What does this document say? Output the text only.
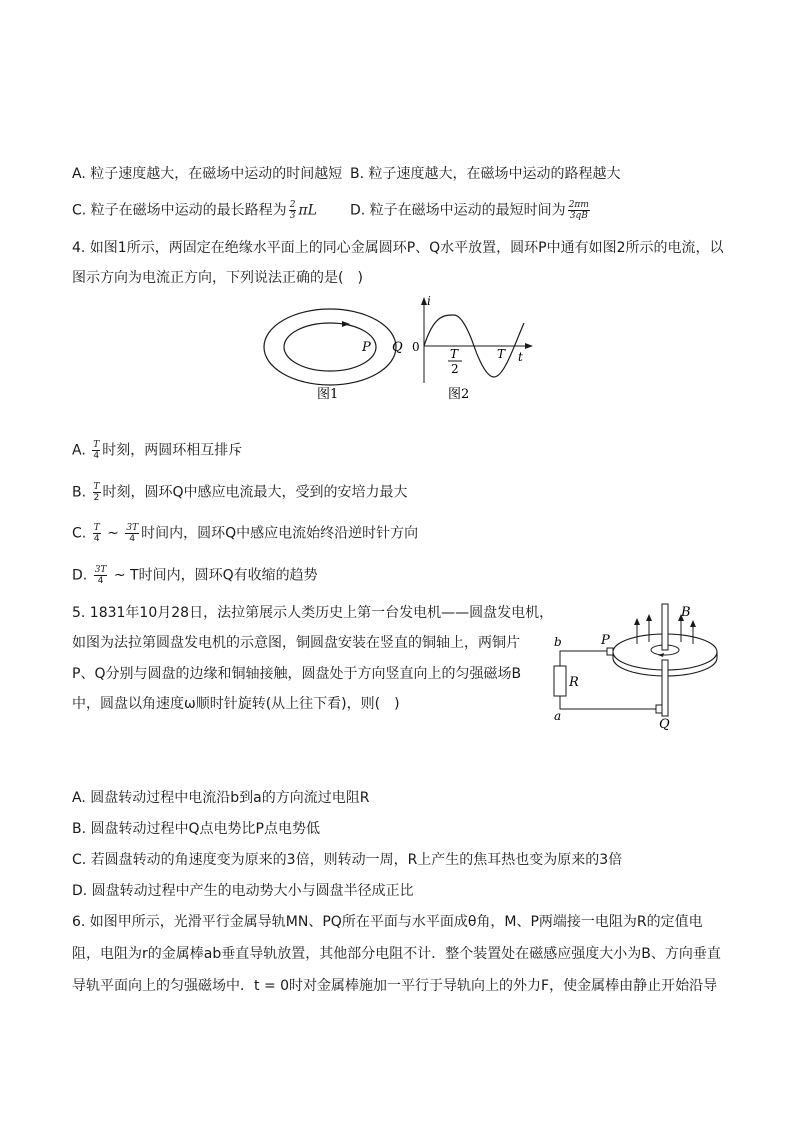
A. 粒子速度越大，在磁场中运动的时间越短 B. 粒子速度越大，在磁场中运动的路程越大
C. 粒子在磁场中运动的最长路程为 $\frac{2}{3}$ πL D. 粒子在磁场中运动的最短时间为 $\frac{2\pi m}{3qB}$
4. 如图1所示，两固定在绝缘水平面上的同心金属圆环P、Q水平放置，圆环P中通有如图2所示的电流，以
图示方向为电流正方向，下列说法正确的是(　)
P Q
图1
i
0	T
2
T t
图2
A. $\frac{T}{4}$ 时刻，两圆环相互排斥
B. $\frac{T}{2}$ 时刻，圆环Q中感应电流最大，受到的安培力最大
C. $\frac{T}{4}$ ~ $\frac{3T}{4}$ 时间内，圆环Q中感应电流始终沿逆时针方向
D. $\frac{3T}{4}$ ~ T时间内，圆环Q有收缩的趋势
5. 1831年10月28日，法拉第展示人类历史上第一台发电机——圆盘发电机，
如图为法拉第圆盘发电机的示意图，铜圆盘安装在竖直的铜轴上，两铜片
P、Q分别与圆盘的边缘和铜轴接触，圆盘处于方向竖直向上的匀强磁场B
中，圆盘以角速度ω顺时针旋转(从上往下看)，则(　)
B
P
Q
R
b
a
A. 圆盘转动过程中电流沿b到a的方向流过电阻R
B. 圆盘转动过程中Q点电势比P点电势低
C. 若圆盘转动的角速度变为原来的3倍，则转动一周，R上产生的焦耳热也变为原来的3倍
D. 圆盘转动过程中产生的电动势大小与圆盘半径成正比
6. 如图甲所示，光滑平行金属导轨MN、PQ所在平面与水平面成θ角，M、P两端接一电阻为R的定值电
阻，电阻为r的金属棒ab垂直导轨放置，其他部分电阻不计．整个装置处在磁感应强度大小为B、方向垂直
导轨平面向上的匀强磁场中．t = 0时对金属棒施加一平行于导轨向上的外力F，使金属棒由静止开始沿导
